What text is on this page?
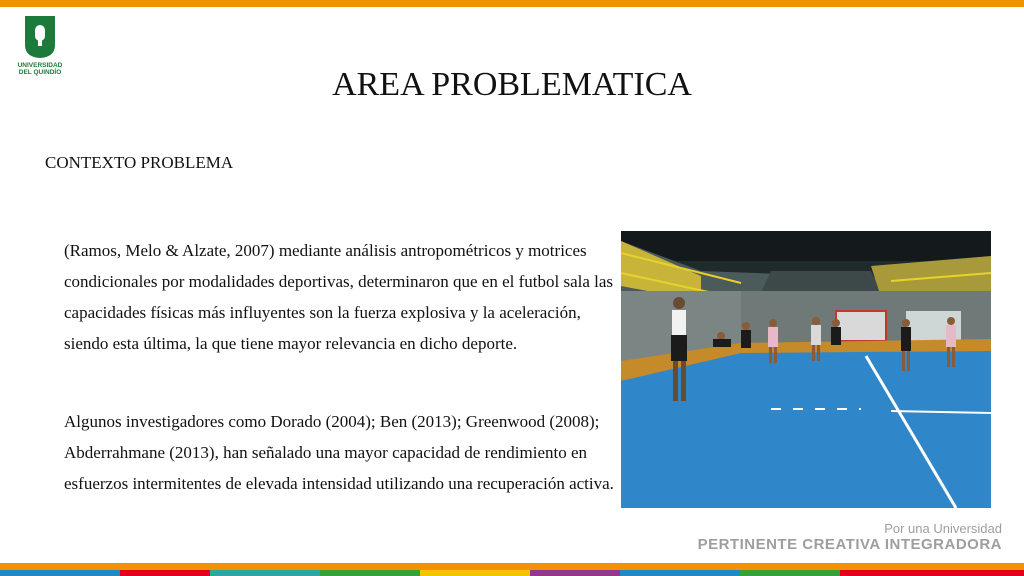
UNIVERSIDAD
DEL QUINDÍO	AREA PROBLEMATICA
CONTEXTO PROBLEMA

(Ramos, Melo & Alzate, 2007) mediante análisis antropométricos y motrices condicionales por modalidades deportivas, determinaron que en el futbol sala las capacidades físicas más influyentes son la fuerza explosiva y la aceleración, siendo esta última, la que tiene mayor relevancia en dicho deporte.

Algunos investigadores como Dorado (2004); Ben (2013); Greenwood (2008); Abderrahmane (2013), han señalado una mayor capacidad de rendimiento en esfuerzos intermitentes de elevada intensidad utilizando una recuperación activa.

Por una Universidad
PERTINENTE CREATIVA INTEGRADORA
